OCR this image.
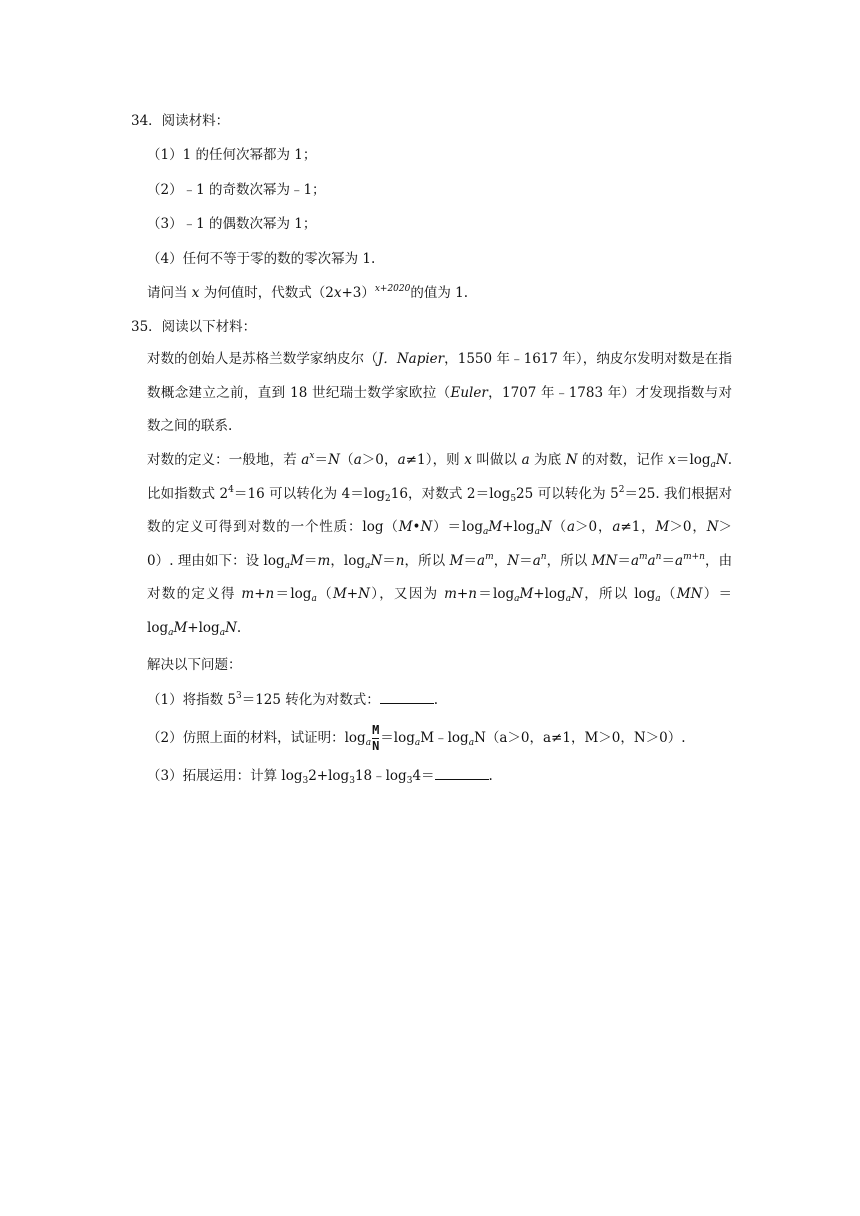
34．阅读材料：
（1）1 的任何次幂都为 1；
（2）﹣1 的奇数次幂为﹣1；
（3）﹣1 的偶数次幂为 1；
（4）任何不等于零的数的零次幂为 1.
请问当 x 为何值时，代数式$(2x+3)^{x+2020}$的值为 1.
35．阅读以下材料：
对数的创始人是苏格兰数学家纳皮尔（J．Napier，1550 年﹣1617 年），纳皮尔发明对数是在指数概念建立之前，直到 18 世纪瑞士数学家欧拉（Euler，1707 年﹣1783 年）才发现指数与对数之间的联系.
对数的定义：一般地，若 $a^x=N(a>0$，a≠1），则 x 叫做以 a 为底 N 的对数，记作 $x=\log_aN$. 比如指数式 $2^4=16$ 可以转化为 $4=\log_216$，对数式 $2=\log_525$ 可以转化为 $5^2=25$. 我们根据对数的定义可得到对数的一个性质：$\log(M•N)=\log_aM+\log_aN(a>0$，a≠1，M＞0，N＞0）. 理由如下：设 $\log_aM=m$，$\log_aN=n$，所以 $M=a^m$，$N=a^n$，所以 $MN=a^ma^n=a^{m+n}$，由对数的定义得 $m+n=\log_a(M+N)$，又因为 $m+n=\log_aM+\log_aN$，所以 $\log_a(MN)=\log_aM+\log_aN$.
解决以下问题：
（1）将指数 $5^3=125$ 转化为对数式：	.
（2）仿照上面的材料，试证明：$\log_a \frac{M}{N}$ $=\log_aM﹣\log_aN(a>0$，a≠1，M＞0，N＞0）.
（3）拓展运用：计算 $\log_32+\log_318﹣\log_34=$	.
